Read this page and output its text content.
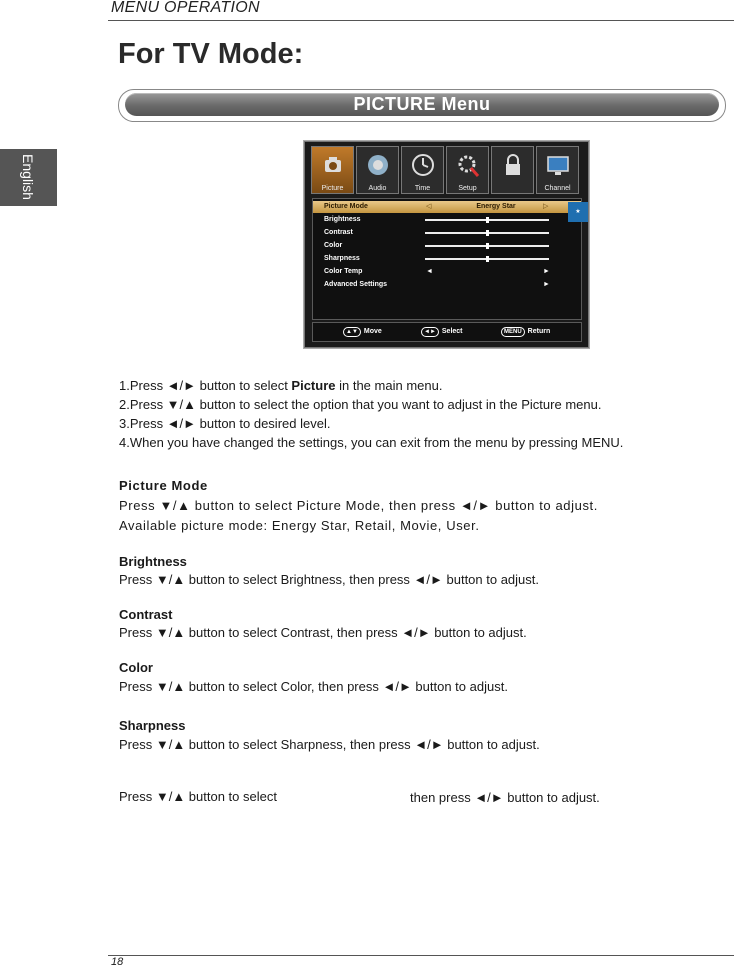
MENU OPERATION
For TV Mode:
PICTURE Menu
English	Picture	Audio	Time	Setup	Channel
Picture Mode	◁	Energy Star	▷
Brightness
Contrast
Color
Sharpness
Color Temp	◄	►
Advanced Settings	►
★
▲▼ Move	◄► Select	MENU Return
1.Press ◄/► button to select Picture in the main menu.
2.Press ▼/▲ button to select the option that you want to adjust in the Picture menu.
3.Press ◄/► button to desired level.
4.When you have changed the settings, you can exit from the menu by pressing MENU.
Picture Mode
Press ▼/▲ button to select Picture Mode, then press ◄/► button to adjust.
Available picture mode: Energy Star, Retail, Movie, User.
Brightness
Press ▼/▲ button to select Brightness, then press ◄/► button to adjust.
Contrast
Press ▼/▲ button to select Contrast, then press ◄/► button to adjust.
Color
Press ▼/▲ button to select Color, then press ◄/► button to adjust.
Sharpness
Press ▼/▲ button to select Sharpness, then press ◄/► button to adjust.
Press ▼/▲ button to select	then press ◄/► button to adjust.
18
